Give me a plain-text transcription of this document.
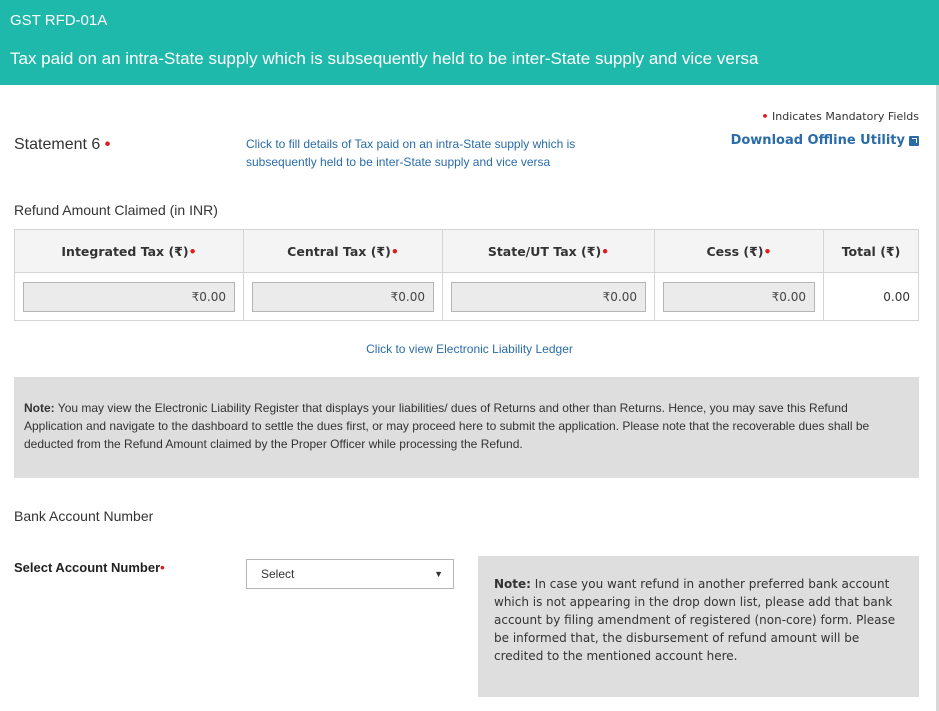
GST RFD-01A
Tax paid on an intra-State supply which is subsequently held to be inter-State supply and vice versa
• Indicates Mandatory Fields
Download Offline Utility
Statement 6 •	Click to fill details of Tax paid on an intra-State supply which is subsequently held to be inter-State supply and vice versa
Refund Amount Claimed (in INR)
Integrated Tax (₹)•	Central Tax (₹)•	State/UT Tax (₹)•	Cess (₹)•	Total (₹)

₹0.00	₹0.00	₹0.00	₹0.00	0.00
Click to view Electronic Liability Ledger
Note: You may view the Electronic Liability Register that displays your liabilities/ dues of Returns and other than Returns. Hence, you may save this Refund Application and navigate to the dashboard to settle the dues first, or may proceed here to submit the application. Please note that the recoverable dues shall be deducted from the Refund Amount claimed by the Proper Officer while processing the Refund.
Bank Account Number
Select Account Number•	Select	▼
Note: In case you want refund in another preferred bank account which is not appearing in the drop down list, please add that bank account by filing amendment of registered (non-core) form. Please be informed that, the disbursement of refund amount will be credited to the mentioned account here.
